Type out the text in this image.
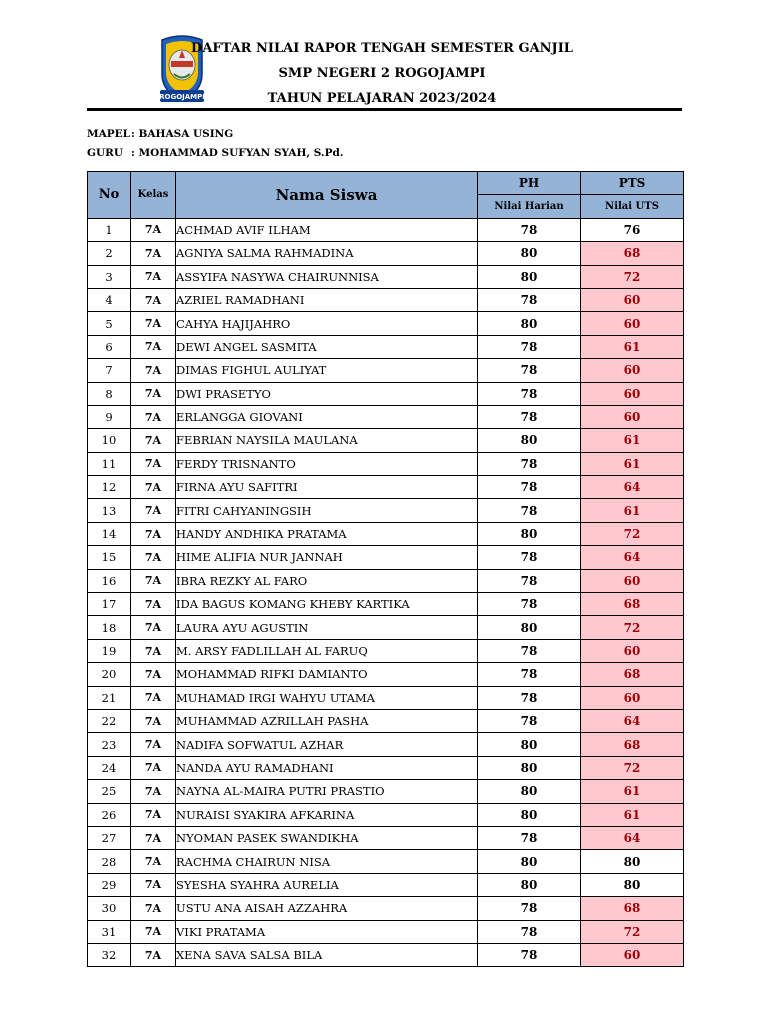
ROGOJAMPI
DAFTAR NILAI RAPOR TENGAH SEMESTER GANJIL
SMP NEGERI 2 ROGOJAMPI
TAHUN PELAJARAN 2023/2024
MAPEL: BAHASA USING
GURU : MOHAMMAD SUFYAN SYAH, S.Pd.
No	Kelas	Nama Siswa	PH	PTS
			Nilai Harian	Nilai UTS
1	7A	ACHMAD AVIF ILHAM	78	76
2	7A	AGNIYA SALMA RAHMADINA	80	68
3	7A	ASSYIFA NASYWA CHAIRUNNISA	80	72
4	7A	AZRIEL RAMADHANI	78	60
5	7A	CAHYA HAJIJAHRO	80	60
6	7A	DEWI ANGEL SASMITA	78	61
7	7A	DIMAS FIGHUL AULIYAT	78	60
8	7A	DWI PRASETYO	78	60
9	7A	ERLANGGA GIOVANI	78	60
10	7A	FEBRIAN NAYSILA MAULANA	80	61
11	7A	FERDY TRISNANTO	78	61
12	7A	FIRNA AYU SAFITRI	78	64
13	7A	FITRI CAHYANINGSIH	78	61
14	7A	HANDY ANDHIKA PRATAMA	80	72
15	7A	HIME ALIFIA NUR JANNAH	78	64
16	7A	IBRA REZKY AL FARO	78	60
17	7A	IDA BAGUS KOMANG KHEBY KARTIKA	78	68
18	7A	LAURA AYU AGUSTIN	80	72
19	7A	M. ARSY FADLILLAH AL FARUQ	78	60
20	7A	MOHAMMAD RIFKI DAMIANTO	78	68
21	7A	MUHAMAD IRGI WAHYU UTAMA	78	60
22	7A	MUHAMMAD AZRILLAH PASHA	78	64
23	7A	NADIFA SOFWATUL AZHAR	80	68
24	7A	NANDA AYU RAMADHANI	80	72
25	7A	NAYNA AL-MAIRA PUTRI PRASTIO	80	61
26	7A	NURAISI SYAKIRA AFKARINA	80	61
27	7A	NYOMAN PASEK SWANDIKHA	78	64
28	7A	RACHMA CHAIRUN NISA	80	80
29	7A	SYESHA SYAHRA AURELIA	80	80
30	7A	USTU ANA AISAH AZZAHRA	78	68
31	7A	VIKI PRATAMA	78	72
32	7A	XENA SAVA SALSA BILA	78	60
